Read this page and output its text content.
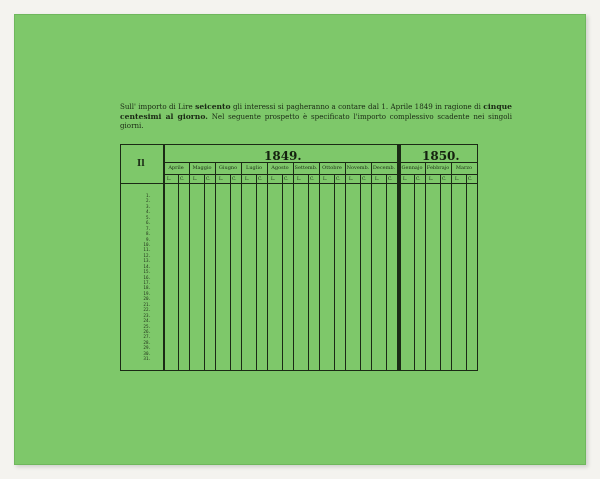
Sull' importo di Lire seicento gli interessi si pagheranno a contare dal 1. Aprile 1849 in ragione di cinque centesimi al giorno. Nel seguente prospetto è specificato l'importo complessivo scadente nei singoli giorni.
Il
1849.	1850.
Aprile
L. C.
Maggio
L. C.
Giugno
L. C.
Luglio
L. C.
Agosto
L. C.
Settemb.
L. C.
Ottobre
L. C.
Novemb.
L. C.
Decemb.
L. C.
Gennajo
L. C.
Febbrajo
L. C.
Marzo
L. C.
1.
2.
3.
4.
5.
6.
7.
8.
9.
10.
11.
12.
13.
14.
15.
16.
17.
18.
19.
20.
21.
22.
23.
24.
25.
26.
27.
28.
29.
30.
31.
